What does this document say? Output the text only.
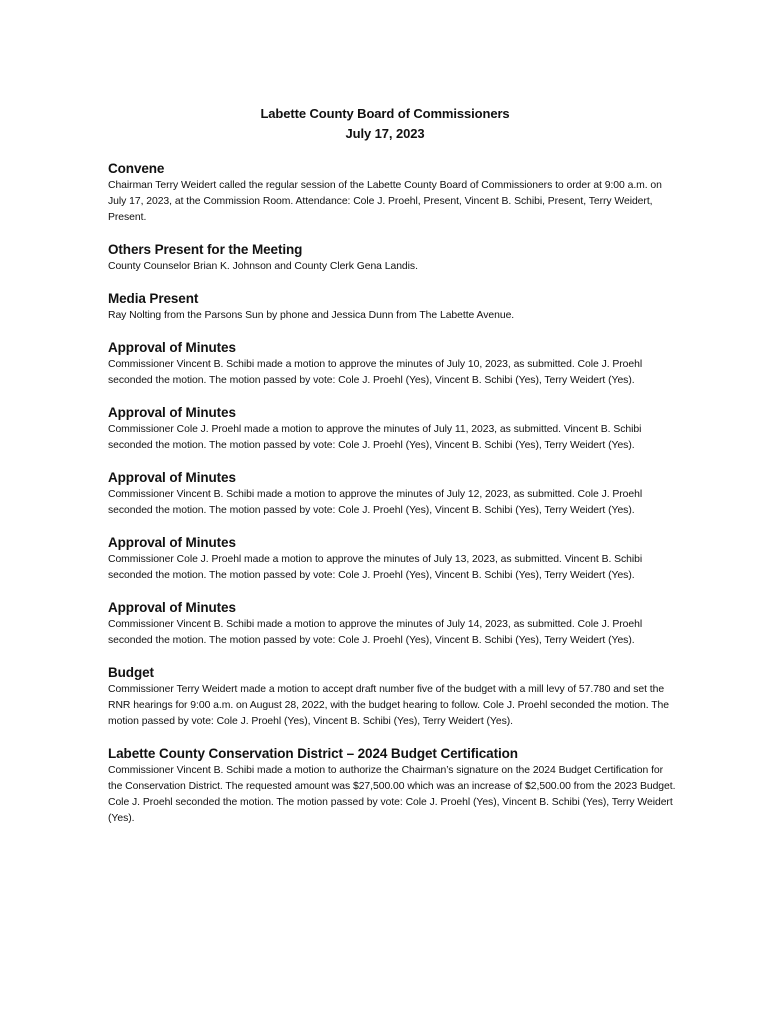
Labette County Board of Commissioners
July 17, 2023
Convene
Chairman Terry Weidert called the regular session of the Labette County Board of Commissioners to order at 9:00 a.m. on July 17, 2023, at the Commission Room. Attendance: Cole J. Proehl, Present, Vincent B. Schibi, Present, Terry Weidert, Present.
Others Present for the Meeting
County Counselor Brian K. Johnson and County Clerk Gena Landis.
Media Present
Ray Nolting from the Parsons Sun by phone and Jessica Dunn from The Labette Avenue.
Approval of Minutes
Commissioner Vincent B. Schibi made a motion to approve the minutes of July 10, 2023, as submitted. Cole J. Proehl seconded the motion. The motion passed by vote: Cole J. Proehl (Yes), Vincent B. Schibi (Yes), Terry Weidert (Yes).
Approval of Minutes
Commissioner Cole J. Proehl made a motion to approve the minutes of July 11, 2023, as submitted. Vincent B. Schibi seconded the motion. The motion passed by vote: Cole J. Proehl (Yes), Vincent B. Schibi (Yes), Terry Weidert (Yes).
Approval of Minutes
Commissioner Vincent B. Schibi made a motion to approve the minutes of July 12, 2023, as submitted. Cole J. Proehl seconded the motion. The motion passed by vote: Cole J. Proehl (Yes), Vincent B. Schibi (Yes), Terry Weidert (Yes).
Approval of Minutes
Commissioner Cole J. Proehl made a motion to approve the minutes of July 13, 2023, as submitted. Vincent B. Schibi seconded the motion. The motion passed by vote: Cole J. Proehl (Yes), Vincent B. Schibi (Yes), Terry Weidert (Yes).
Approval of Minutes
Commissioner Vincent B. Schibi made a motion to approve the minutes of July 14, 2023, as submitted. Cole J. Proehl seconded the motion. The motion passed by vote: Cole J. Proehl (Yes), Vincent B. Schibi (Yes), Terry Weidert (Yes).
Budget
Commissioner Terry Weidert made a motion to accept draft number five of the budget with a mill levy of 57.780 and set the RNR hearings for 9:00 a.m. on August 28, 2022, with the budget hearing to follow. Cole J. Proehl seconded the motion. The motion passed by vote: Cole J. Proehl (Yes), Vincent B. Schibi (Yes), Terry Weidert (Yes).
Labette County Conservation District – 2024 Budget Certification
Commissioner Vincent B. Schibi made a motion to authorize the Chairman’s signature on the 2024 Budget Certification for the Conservation District. The requested amount was $27,500.00 which was an increase of $2,500.00 from the 2023 Budget. Cole J. Proehl seconded the motion. The motion passed by vote: Cole J. Proehl (Yes), Vincent B. Schibi (Yes), Terry Weidert (Yes).
